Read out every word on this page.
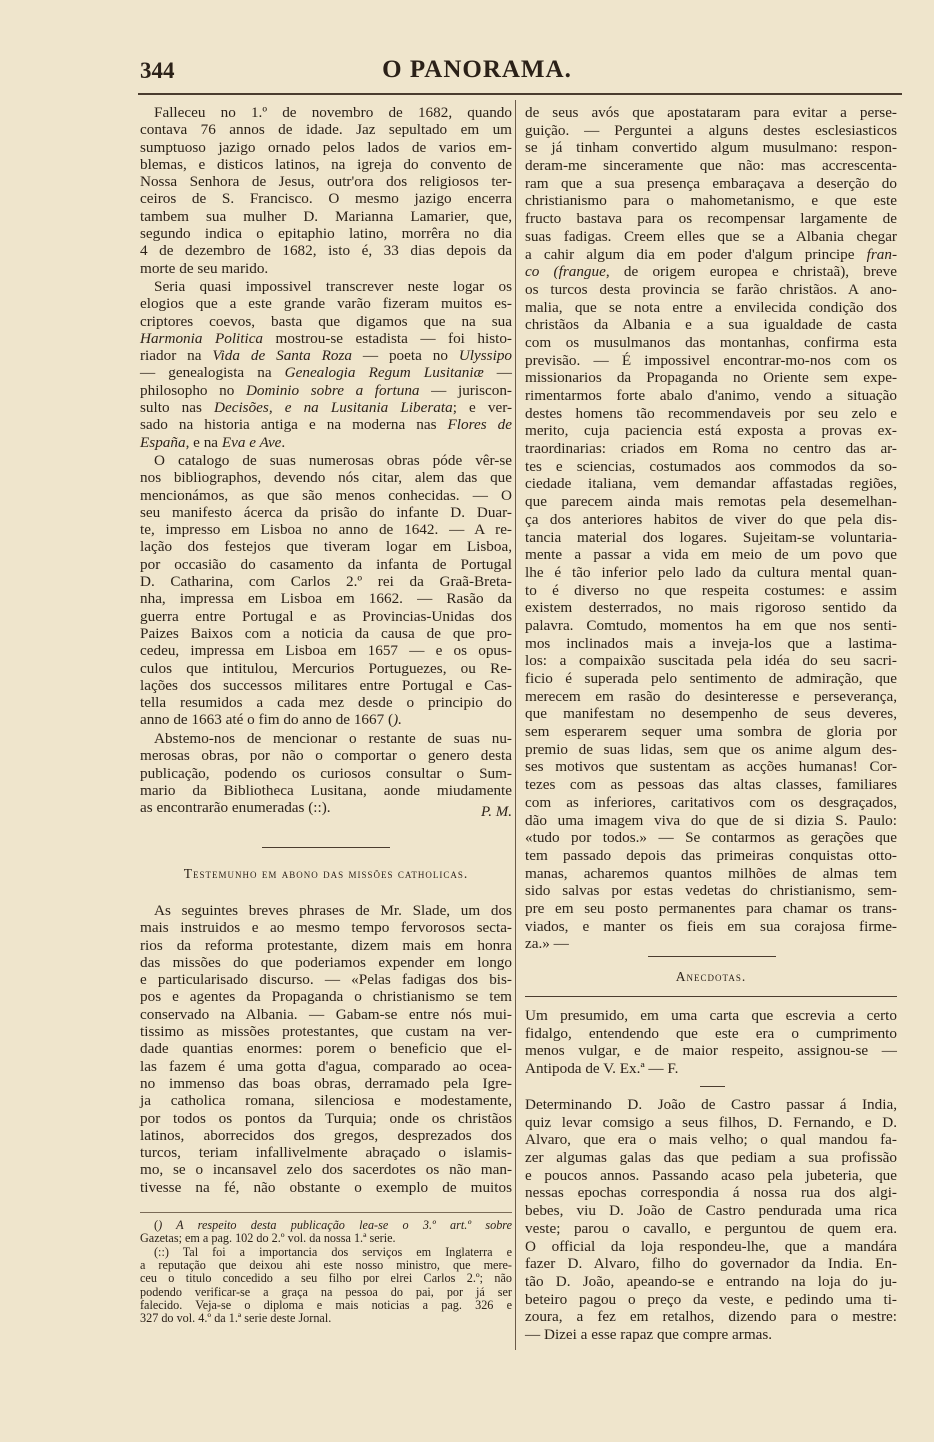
344	O PANORAMA.
Falleceu no 1.º de novembro de 1682, quando
contava 76 annos de idade. Jaz sepultado em um
sumptuoso jazigo ornado pelos lados de varios em-
blemas, e disticos latinos, na igreja do convento de
Nossa Senhora de Jesus, outr'ora dos religiosos ter-
ceiros de S. Francisco. O mesmo jazigo encerra
tambem sua mulher D. Marianna Lamarier, que,
segundo indica o epitaphio latino, morrêra no dia
4 de dezembro de 1682, isto é, 33 dias depois da
morte de seu marido.
Seria quasi impossivel transcrever neste logar os
elogios que a este grande varão fizeram muitos es-
criptores coevos, basta que digamos que na sua
Harmonia Politica mostrou-se estadista — foi histo-
riador na Vida de Santa Roza — poeta no Ulyssipo
— genealogista na Genealogia Regum Lusitaniæ —
philosopho no Dominio sobre a fortuna — juriscon-
sulto nas Decisões, e na Lusitania Liberata; e ver-
sado na historia antiga e na moderna nas Flores de
España, e na Eva e Ave.
O catalogo de suas numerosas obras póde vêr-se
nos bibliographos, devendo nós citar, alem das que
mencionámos, as que são menos conhecidas. — O
seu manifesto ácerca da prisão do infante D. Duar-
te, impresso em Lisboa no anno de 1642. — A re-
lação dos festejos que tiveram logar em Lisboa,
por occasião do casamento da infanta de Portugal
D. Catharina, com Carlos 2.º rei da Graã-Breta-
nha, impressa em Lisboa em 1662. — Rasão da
guerra entre Portugal e as Provincias-Unidas dos
Paizes Baixos com a noticia da causa de que pro-
cedeu, impressa em Lisboa em 1657 — e os opus-
culos que intitulou, Mercurios Portuguezes, ou Re-
lações dos successos militares entre Portugal e Cas-
tella resumidos a cada mez desde o principio do
anno de 1663 até o fim do anno de 1667 ().
Abstemo-nos de mencionar o restante de suas nu-
merosas obras, por não o comportar o genero desta
publicação, podendo os curiosos consultar o Sum-
mario da Bibliotheca Lusitana, aonde miudamente
as encontrarão enumeradas (::).	P. M.
Testemunho em abono das missões catholicas.
As seguintes breves phrases de Mr. Slade, um dos
mais instruidos e ao mesmo tempo fervorosos secta-
rios da reforma protestante, dizem mais em honra
das missões do que poderiamos expender em longo
e particularisado discurso. — «Pelas fadigas dos bis-
pos e agentes da Propaganda o christianismo se tem
conservado na Albania. — Gabam-se entre nós mui-
tissimo as missões protestantes, que custam na ver-
dade quantias enormes: porem o beneficio que el-
las fazem é uma gotta d'agua, comparado ao ocea-
no immenso das boas obras, derramado pela Igre-
ja catholica romana, silenciosa e modestamente,
por todos os pontos da Turquia; onde os christãos
latinos, aborrecidos dos gregos, desprezados dos
turcos, teriam infallivelmente abraçado o islamis-
mo, se o incansavel zelo dos sacerdotes os não man-
tivesse na fé, não obstante o exemplo de muitos
() A respeito desta publicação lea-se o 3.º art.º sobre
Gazetas; em a pag. 102 do 2.º vol. da nossa 1.ª serie.
(::) Tal foi a importancia dos serviços em Inglaterra e
a reputação que deixou ahi este nosso ministro, que mere-
ceu o titulo concedido a seu filho por elrei Carlos 2.º; não
podendo verificar-se a graça na pessoa do pai, por já ser
falecido. Veja-se o diploma e mais noticias a pag. 326 e
327 do vol. 4.º da 1.ª serie deste Jornal.
de seus avós que apostataram para evitar a perse-
guição. — Perguntei a alguns destes esclesiasticos
se já tinham convertido algum musulmano: respon-
deram-me sinceramente que não: mas accrescenta-
ram que a sua presença embaraçava a deserção do
christianismo para o mahometanismo, e que este
fructo bastava para os recompensar largamente de
suas fadigas. Creem elles que se a Albania chegar
a cahir algum dia em poder d'algum principe fran-
co (frangue, de origem europea e christaã), breve
os turcos desta provincia se farão christãos. A ano-
malia, que se nota entre a envilecida condição dos
christãos da Albania e a sua igualdade de casta
com os musulmanos das montanhas, confirma esta
previsão. — É impossivel encontrar-mo-nos com os
missionarios da Propaganda no Oriente sem expe-
rimentarmos forte abalo d'animo, vendo a situação
destes homens tão recommendaveis por seu zelo e
merito, cuja paciencia está exposta a provas ex-
traordinarias: criados em Roma no centro das ar-
tes e sciencias, costumados aos commodos da so-
ciedade italiana, vem demandar affastadas regiões,
que parecem ainda mais remotas pela desemelhan-
ça dos anteriores habitos de viver do que pela dis-
tancia material dos logares. Sujeitam-se voluntaria-
mente a passar a vida em meio de um povo que
lhe é tão inferior pelo lado da cultura mental quan-
to é diverso no que respeita costumes: e assim
existem desterrados, no mais rigoroso sentido da
palavra. Comtudo, momentos ha em que nos senti-
mos inclinados mais a inveja-los que a lastima-
los: a compaixão suscitada pela idéa do seu sacri-
ficio é superada pelo sentimento de admiração, que
merecem em rasão do desinteresse e perseverança,
que manifestam no desempenho de seus deveres,
sem esperarem sequer uma sombra de gloria por
premio de suas lidas, sem que os anime algum des-
ses motivos que sustentam as acções humanas! Cor-
tezes com as pessoas das altas classes, familiares
com as inferiores, caritativos com os desgraçados,
dão uma imagem viva do que de si dizia S. Paulo:
«tudo por todos.» — Se contarmos as gerações que
tem passado depois das primeiras conquistas otto-
manas, acharemos quantos milhões de almas tem
sido salvas por estas vedetas do christianismo, sem-
pre em seu posto permanentes para chamar os trans-
viados, e manter os fieis em sua corajosa firme-
za.» —
Anecdotas.
Um presumido, em uma carta que escrevia a certo
fidalgo, entendendo que este era o cumprimento
menos vulgar, e de maior respeito, assignou-se —
Antipoda de V. Ex.ª — F.
Determinando D. João de Castro passar á India,
quiz levar comsigo a seus filhos, D. Fernando, e D.
Alvaro, que era o mais velho; o qual mandou fa-
zer algumas galas das que pediam a sua profissão
e poucos annos. Passando acaso pela jubeteria, que
nessas epochas correspondia á nossa rua dos algi-
bebes, viu D. João de Castro pendurada uma rica
veste; parou o cavallo, e perguntou de quem era.
O official da loja respondeu-lhe, que a mandára
fazer D. Alvaro, filho do governador da India. En-
tão D. João, apeando-se e entrando na loja do ju-
beteiro pagou o preço da veste, e pedindo uma ti-
zoura, a fez em retalhos, dizendo para o mestre:
— Dizei a esse rapaz que compre armas.
